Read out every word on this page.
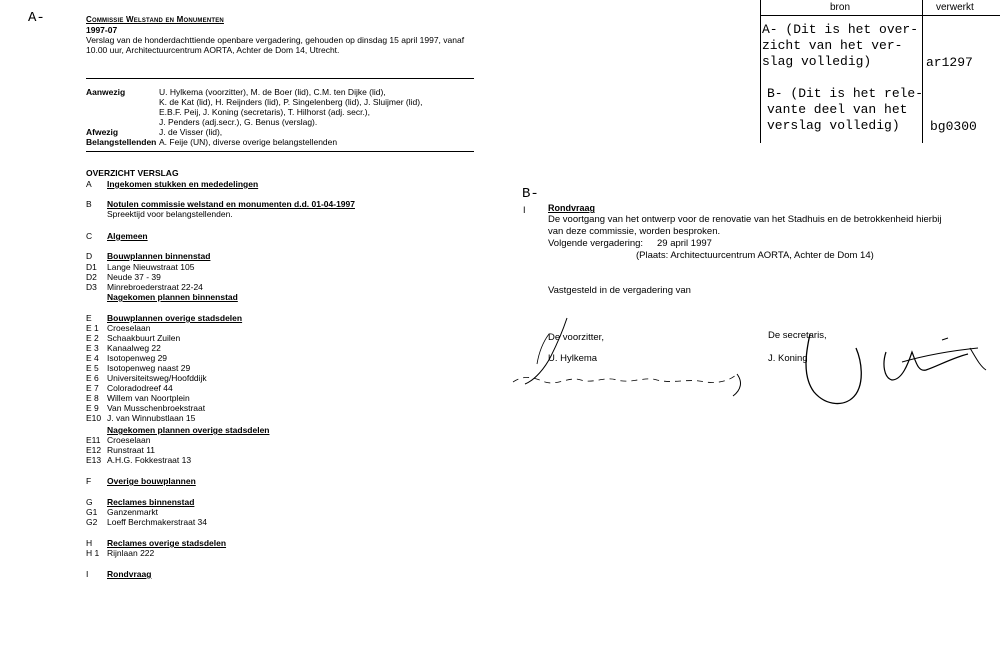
A-
B-
Commissie Welstand en Monumenten
1997-07
Verslag van de honderdachttiende openbare vergadering, gehouden op dinsdag 15 april 1997, vanaf
10.00 uur, Architectuurcentrum AORTA, Achter de Dom 14, Utrecht.
Aanwezig	U. Hylkema (voorzitter), M. de Boer (lid), C.M. ten Dijke (lid),
K. de Kat (lid), H. Reijnders (lid), P. Singelenberg (lid), J. Sluijmer (lid),
E.B.F. Peij, J. Koning (secretaris), T. Hilhorst (adj. secr.),
J. Penders (adj.secr.), G. Benus (verslag).
Afwezig	J. de Visser (lid),
Belangstellenden A. Feije (UN), diverse overige belangstellenden
OVERZICHT VERSLAG
A Ingekomen stukken en mededelingen
B Notulen commissie welstand en monumenten d.d. 01-04-1997
Spreektijd voor belangstellenden.
C Algemeen
D Bouwplannen binnenstad
D1 Lange Nieuwstraat 105
D2 Neude 37 - 39
D3 Minrebroederstraat 22-24
Nagekomen plannen binnenstad
E Bouwplannen overige stadsdelen
E 1 Croeselaan
E 2 Schaakbuurt Zuilen
E 3 Kanaalweg 22
E 4 Isotopenweg 29
E 5 Isotopenweg naast 29
E 6 Universiteitsweg/Hoofddijk
E 7 Coloradodreef 44
E 8 Willem van Noortplein
E 9 Van Musschenbroekstraat
E10 J. van Winnubstlaan 15
Nagekomen plannen overige stadsdelen
E11 Croeselaan
E12 Runstraat 11
E13 A.H.G. Fokkestraat 13
F Overige bouwplannen
G Reclames binnenstad
G1 Ganzenmarkt
G2 Loeff Berchmakerstraat 34
H Reclames overige stadsdelen
H 1 Rijnlaan 222
I Rondvraag
bron	verwerkt
A- (Dit is het over-
zicht van het ver-
slag volledig)	ar1297
B- (Dit is het rele-
vante deel van het
verslag volledig) bg0300
I Rondvraag
De voortgang van het ontwerp voor de renovatie van het Stadhuis en de betrokkenheid hierbij
van deze commissie, worden besproken.
Volgende vergadering: 29 april 1997
(Plaats: Architectuurcentrum AORTA, Achter de Dom 14)
Vastgesteld in de vergadering van
De voorzitter,
U. Hylkema
De secretaris,
J. Koning
